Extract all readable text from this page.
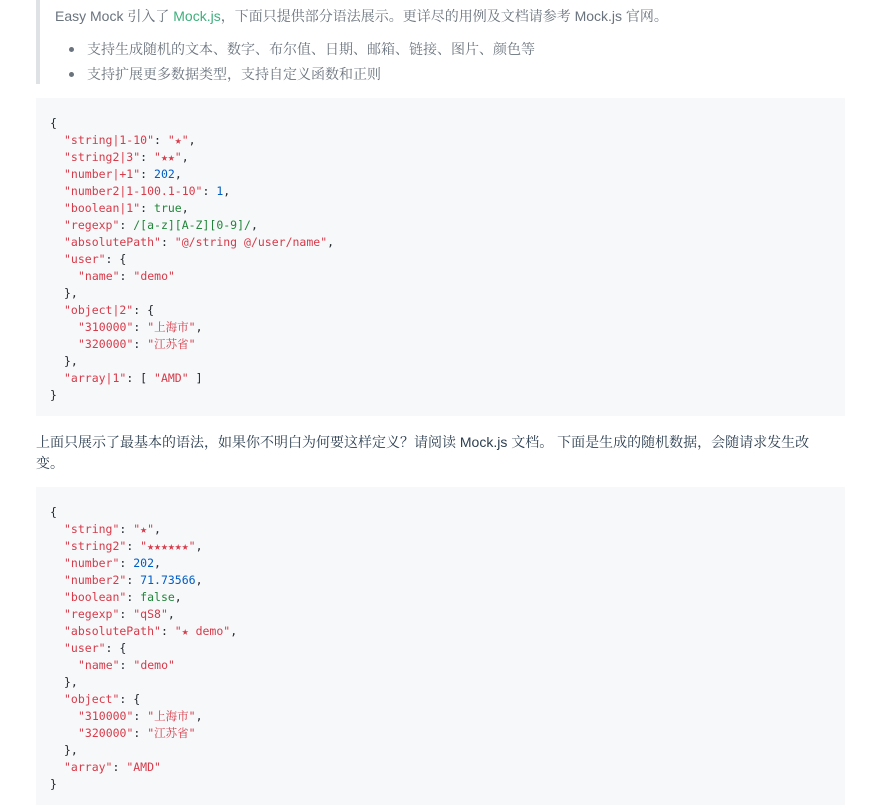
Easy Mock 引入了 Mock.js，下面只提供部分语法展示。更详尽的用例及文档请参考 Mock.js 官网。
支持生成随机的文本、数字、布尔值、日期、邮箱、链接、图片、颜色等
支持扩展更多数据类型，支持自定义函数和正则
{
"string|1-10": "★",
"string2|3": "★★",
"number|+1": 202,
"number2|1-100.1-10": 1,
"boolean|1": true,
"regexp": /[a-z][A-Z][0-9]/,
"absolutePath": "@/string @/user/name",
"user": {
"name": "demo"
},
"object|2": {
"310000": "上海市",
"320000": "江苏省"
},
"array|1": [ "AMD" ]
}
上面只展示了最基本的语法，如果你不明白为何要这样定义？请阅读 Mock.js 文档。 下面是生成的随机数据，会随请求发生改变。
{
"string": "★",
"string2": "★★★★★★",
"number": 202,
"number2": 71.73566,
"boolean": false,
"regexp": "qS8",
"absolutePath": "★ demo",
"user": {
"name": "demo"
},
"object": {
"310000": "上海市",
"320000": "江苏省"
},
"array": "AMD"
}
